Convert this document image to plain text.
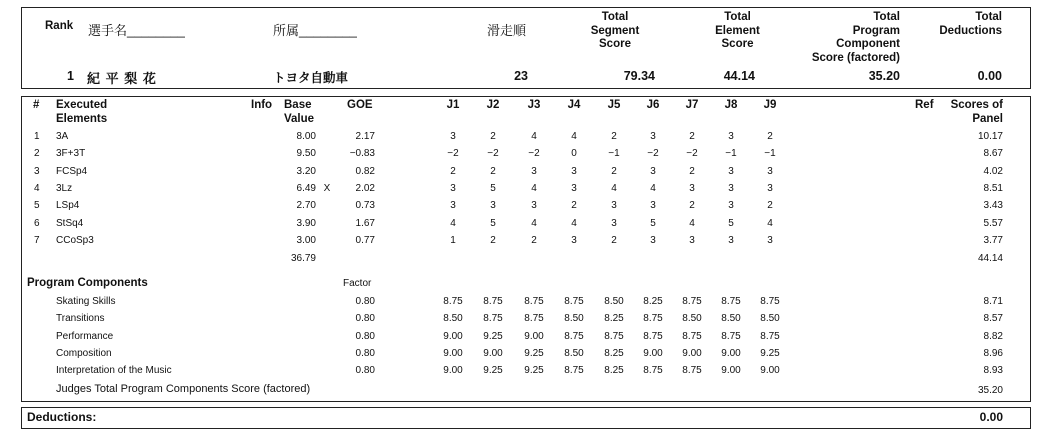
Rank 選手名________	所属________	滑走順
Total
Segment
Score
Total
Element
Score
Total
Program
Component
Score (factored)
Total
Deductions
1 紀 平 梨 花	トヨタ自動車	23	79.34	44.14	35.20	0.00
# Executed
Elements
Info Base
Value
GOE	J1	J2	J3	J4	J5	J6	J7	J8	J9	Ref	Scores of
Panel
1 3A	8.00	2.17	3	2	4	4	2	3	2	3	2	10.17
2 3F+3T	9.50	−0.83	−2	−2	−2	0	−1	−2	−2	−1	−1	8.67
3 FCSp4	3.20	0.82	2	2	3	3	2	3	2	3	3	4.02
4 3Lz	6.49 X	2.02	3	5	4	3	4	4	3	3	3	8.51
5 LSp4	2.70	0.73	3	3	3	2	3	3	2	3	2	3.43
6 StSq4	3.90	1.67	4	5	4	4	3	5	4	5	4	5.57
7 CCoSp3	3.00	0.77	1	2	2	3	2	3	3	3	3	3.77
36.79	44.14
Program Components	Factor
Skating Skills	0.80	8.75	8.75	8.75	8.75	8.50	8.25	8.75	8.75	8.75	8.71
Transitions	0.80	8.50	8.75	8.75	8.50	8.25	8.75	8.50	8.50	8.50	8.57
Performance	0.80	9.00	9.25	9.00	8.75	8.75	8.75	8.75	8.75	8.75	8.82
Composition	0.80	9.00	9.00	9.25	8.50	8.25	9.00	9.00	9.00	9.25	8.96
Interpretation of the Music	0.80	9.00	9.25	9.25	8.75	8.25	8.75	8.75	9.00	9.00	8.93
Judges Total Program Components Score (factored)	35.20
Deductions:	0.00
